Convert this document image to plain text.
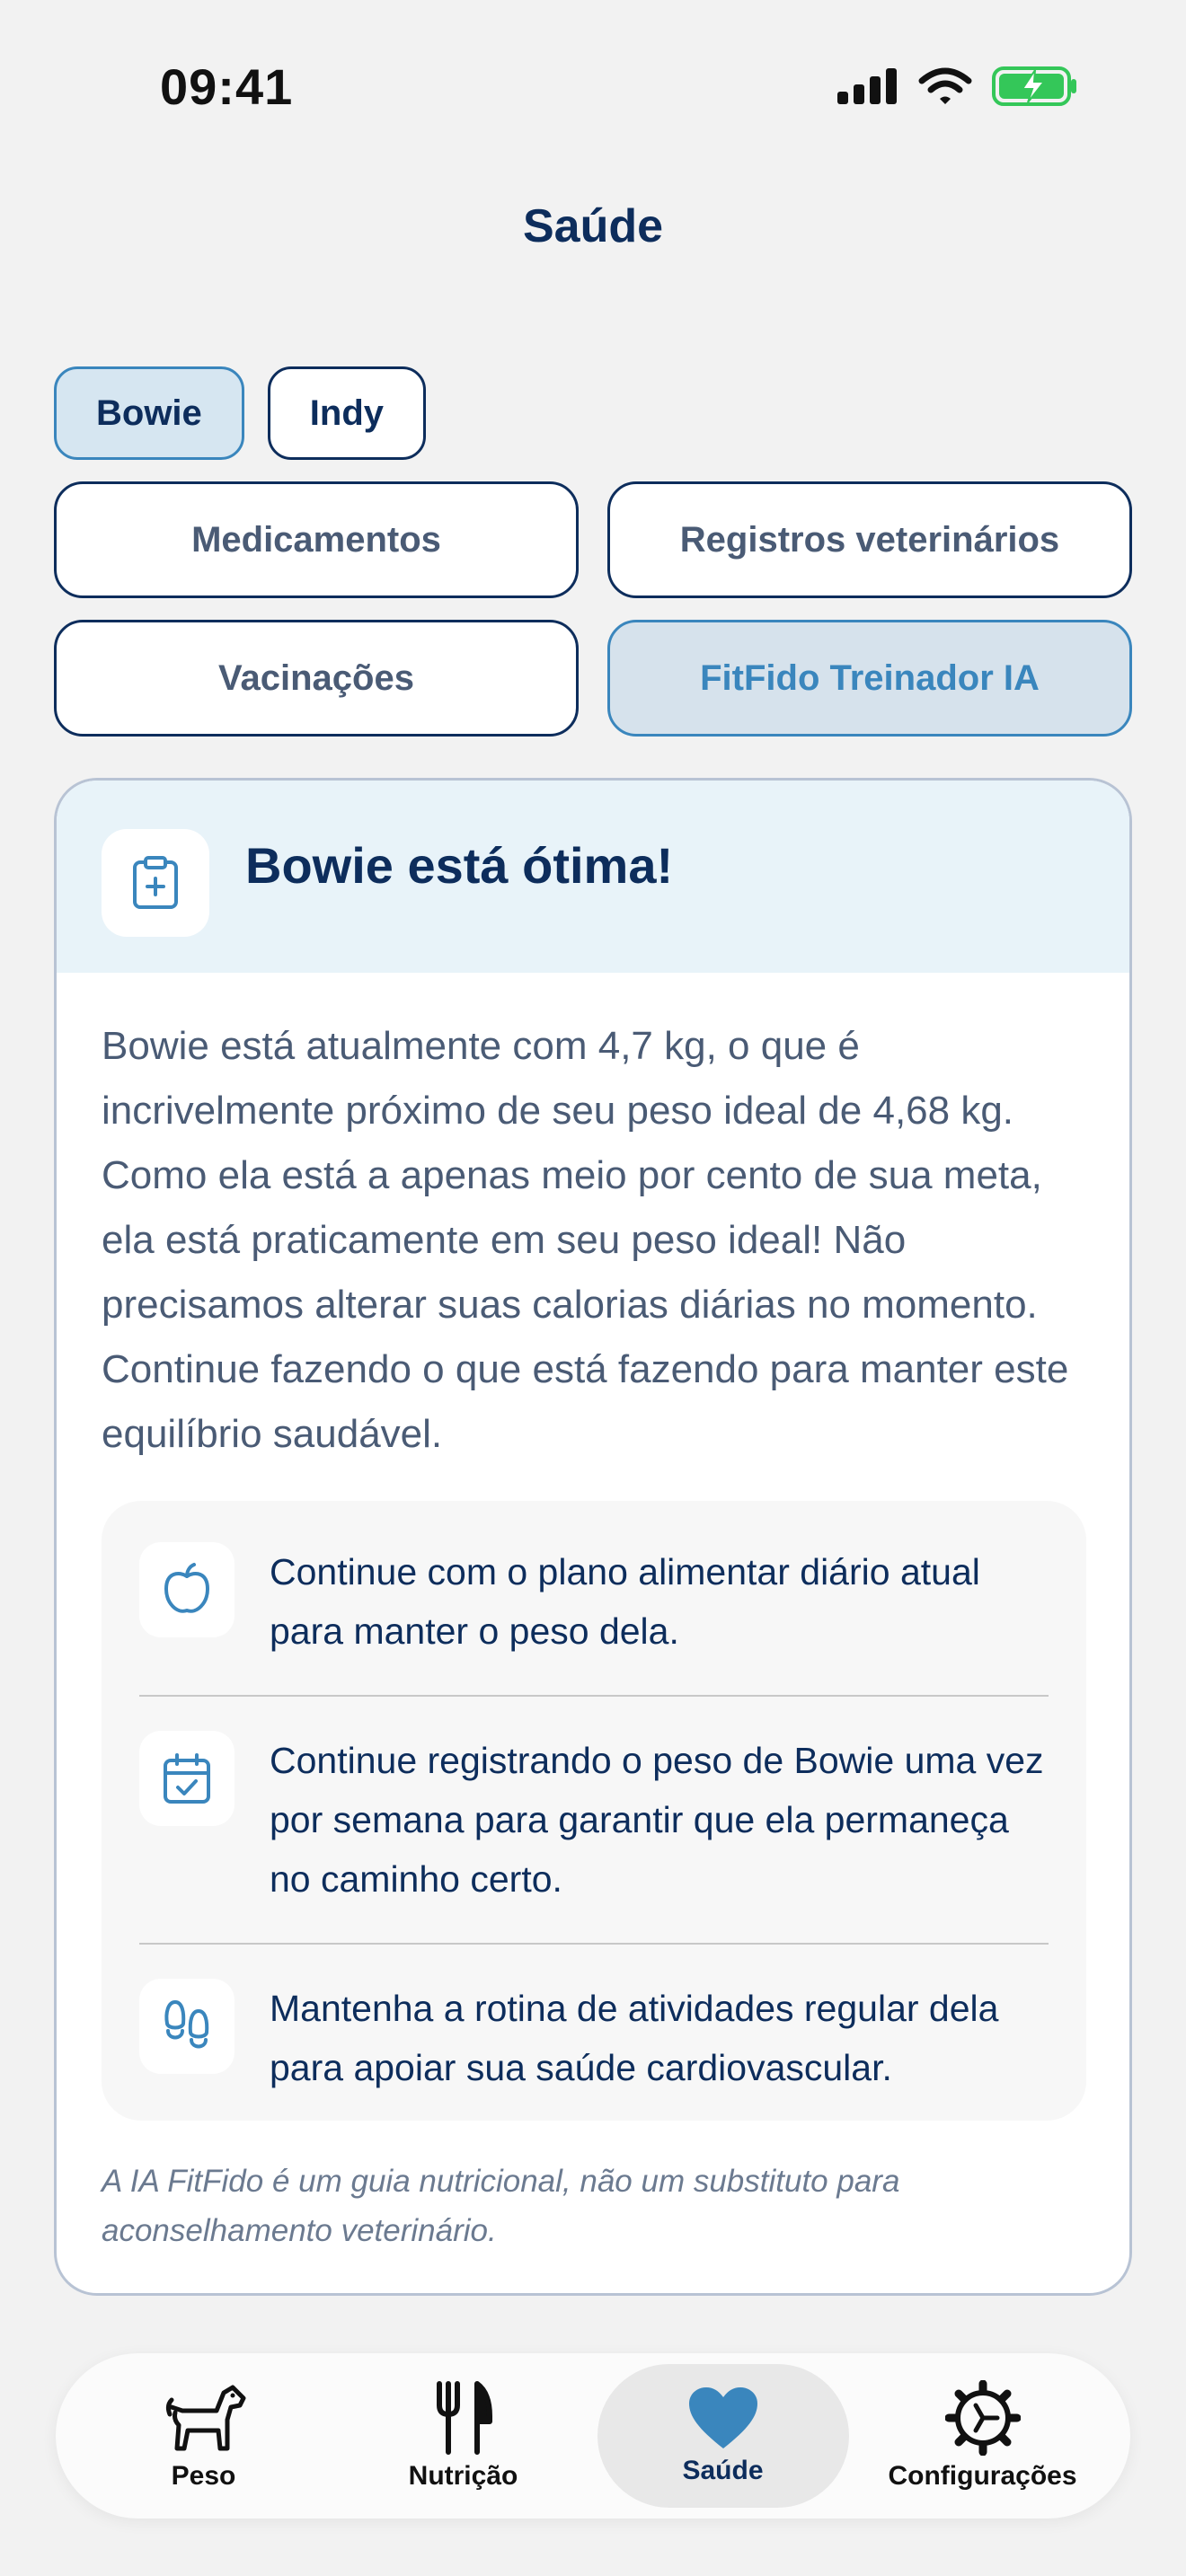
09:41
Saúde
Bowie	Indy
Medicamentos	Registros veterinários
Vacinações	FitFido Treinador IA
Bowie está ótima!
Bowie está atualmente com 4,7 kg, o que é incrivelmente próximo de seu peso ideal de 4,68 kg. Como ela está a apenas meio por cento de sua meta, ela está praticamente em seu peso ideal! Não precisamos alterar suas calorias diárias no momento. Continue fazendo o que está fazendo para manter este equilíbrio saudável.
Continue com o plano alimentar diário atual para manter o peso dela.
Continue registrando o peso de Bowie uma vez por semana para garantir que ela permaneça no caminho certo.
Mantenha a rotina de atividades regular dela para apoiar sua saúde cardiovascular.
A IA FitFido é um guia nutricional, não um substituto para aconselhamento veterinário.
Peso	Nutrição	Saúde	Configurações
